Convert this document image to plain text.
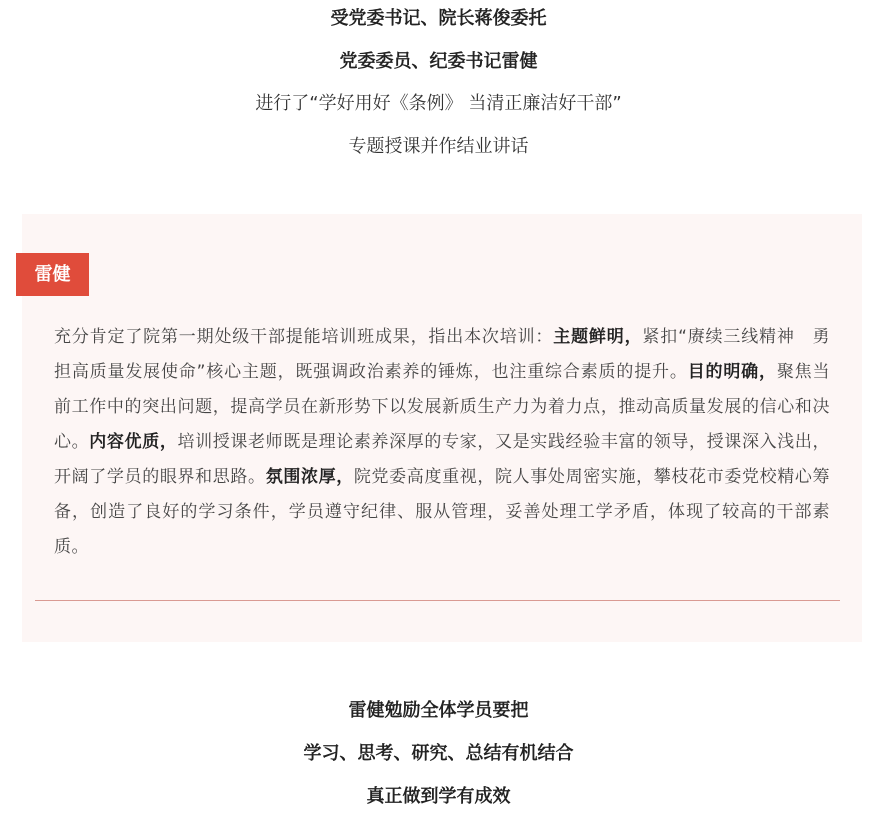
受党委书记、院长蒋俊委托
党委委员、纪委书记雷健
进行了“学好用好《条例》 当清正廉洁好干部”
专题授课并作结业讲话
雷健
充分肯定了院第一期处级干部提能培训班成果，指出本次培训：主题鲜明，紧扣“赓续三线精神　勇担高质量发展使命”核心主题，既强调政治素养的锤炼，也注重综合素质的提升。目的明确，聚焦当前工作中的突出问题，提高学员在新形势下以发展新质生产力为着力点，推动高质量发展的信心和决心。内容优质，培训授课老师既是理论素养深厚的专家，又是实践经验丰富的领导，授课深入浅出，开阔了学员的眼界和思路。氛围浓厚，院党委高度重视，院人事处周密实施，攀枝花市委党校精心筹备，创造了良好的学习条件，学员遵守纪律、服从管理，妥善处理工学矛盾，体现了较高的干部素质。
雷健勉励全体学员要把
学习、思考、研究、总结有机结合
真正做到学有成效
